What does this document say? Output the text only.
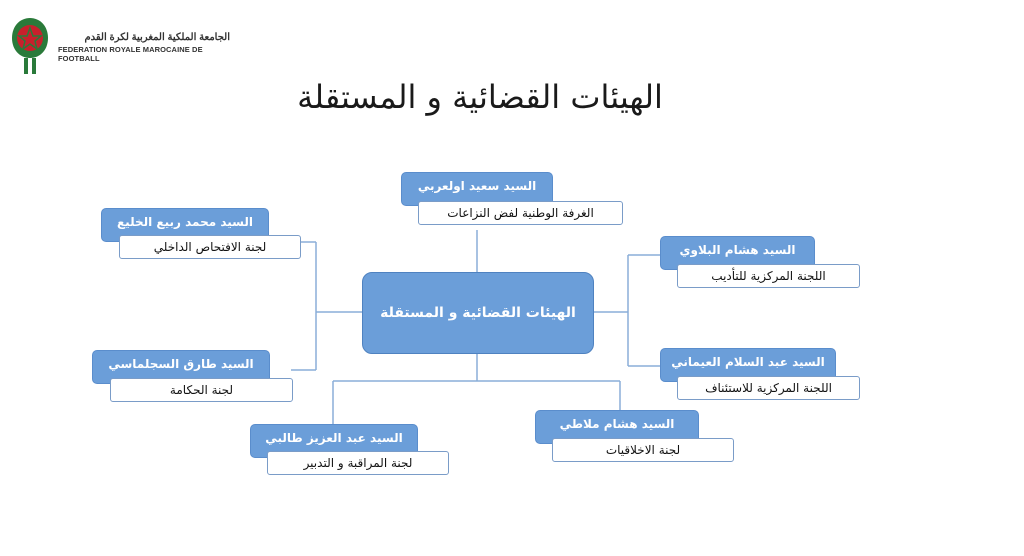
الجامعة الملكية المغربية لكرة القدم
FEDERATION ROYALE MAROCAINE DE FOOTBALL
الهيئات القضائية و المستقلة
الهيئات القضائية و المستقلة
السيد سعيد اولعربي
الغرفة الوطنية لفض النزاعات
السيد محمد ربيع الخليع
لجنة الافتحاص الداخلي	السيد هشام البلاوي
اللجنة المركزية للتأديب
السيد طارق السجلماسي
لجنة الحكامة
السيد عبد السلام العيماني
اللجنة المركزية للاستئناف
السيد عبد العزيز طالبي
لجنة المراقبة و التدبير
السيد هشام ملاطي
لجنة الاخلاقيات
